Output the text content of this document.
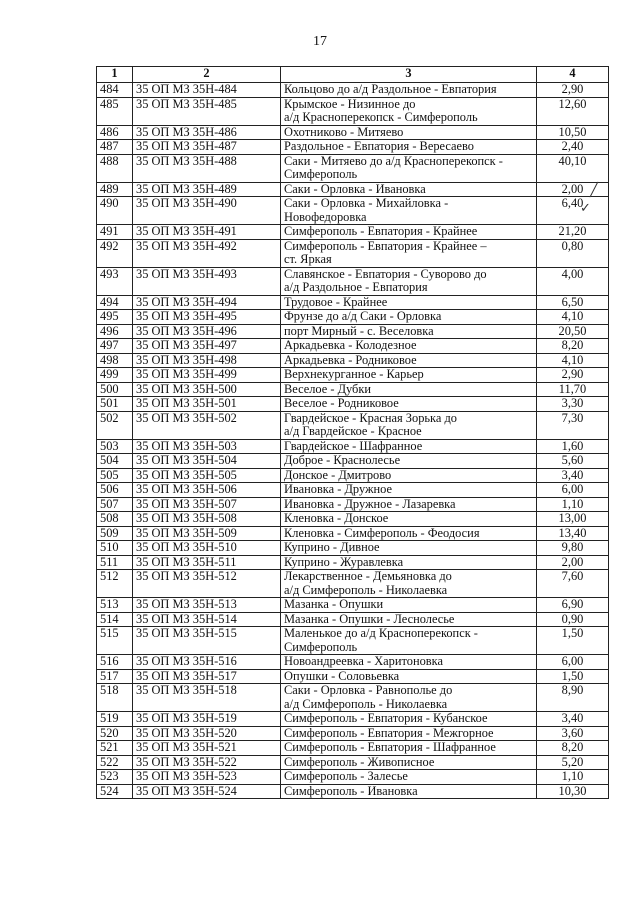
17
1	2	3	4
484	35 ОП МЗ 35Н-484	Кольцово до а/д Раздольное - Евпатория	2,90
485	35 ОП МЗ 35Н-485	Крымское - Низинное до
а/д Красноперекопск - Симферополь	12,60
486	35 ОП МЗ 35Н-486	Охотниково - Митяево	10,50
487	35 ОП МЗ 35Н-487	Раздольное - Евпатория - Вересаево	2,40
488	35 ОП МЗ 35Н-488	Саки - Митяево до а/д Красноперекопск -
Симферополь	40,10
489	35 ОП МЗ 35Н-489	Саки - Орловка - Ивановка	2,00
490	35 ОП МЗ 35Н-490	Саки - Орловка - Михайловка -
Новофедоровка	6,40
491	35 ОП МЗ 35Н-491	Симферополь - Евпатория - Крайнее	21,20
492	35 ОП МЗ 35Н-492	Симферополь - Евпатория - Крайнее –
ст. Яркая	0,80
493	35 ОП МЗ 35Н-493	Славянское - Евпатория - Суворово до
а/д Раздольное - Евпатория	4,00
494	35 ОП МЗ 35Н-494	Трудовое - Крайнее	6,50
495	35 ОП МЗ 35Н-495	Фрунзе до а/д Саки - Орловка	4,10
496	35 ОП МЗ 35Н-496	порт Мирный - с. Веселовка	20,50
497	35 ОП МЗ 35Н-497	Аркадьевка - Колодезное	8,20
498	35 ОП МЗ 35Н-498	Аркадьевка - Родниковое	4,10
499	35 ОП МЗ 35Н-499	Верхнекурганное - Карьер	2,90
500	35 ОП МЗ 35Н-500	Веселое - Дубки	11,70
501	35 ОП МЗ 35Н-501	Веселое - Родниковое	3,30
502	35 ОП МЗ 35Н-502	Гвардейское - Красная Зорька до
а/д Гвардейское - Красное	7,30
503	35 ОП МЗ 35Н-503	Гвардейское - Шафранное	1,60
504	35 ОП МЗ 35Н-504	Доброе - Краснолесье	5,60
505	35 ОП МЗ 35Н-505	Донское - Дмитрово	3,40
506	35 ОП МЗ 35Н-506	Ивановка - Дружное	6,00
507	35 ОП МЗ 35Н-507	Ивановка - Дружное - Лазаревка	1,10
508	35 ОП МЗ 35Н-508	Кленовка - Донское	13,00
509	35 ОП МЗ 35Н-509	Кленовка - Симферополь - Феодосия	13,40
510	35 ОП МЗ 35Н-510	Куприно - Дивное	9,80
511	35 ОП МЗ 35Н-511	Куприно - Журавлевка	2,00
512	35 ОП МЗ 35Н-512	Лекарственное - Демьяновка до
а/д Симферополь - Николаевка	7,60
513	35 ОП МЗ 35Н-513	Мазанка - Опушки	6,90
514	35 ОП МЗ 35Н-514	Мазанка - Опушки - Леснолесье	0,90
515	35 ОП МЗ 35Н-515	Маленькое до а/д Красноперекопск -
Симферополь	1,50
516	35 ОП МЗ 35Н-516	Новоандреевка - Харитоновка	6,00
517	35 ОП МЗ 35Н-517	Опушки - Соловьевка	1,50
518	35 ОП МЗ 35Н-518	Саки - Орловка - Равнополье до
а/д Симферополь - Николаевка	8,90
519	35 ОП МЗ 35Н-519	Симферополь - Евпатория - Кубанское	3,40
520	35 ОП МЗ 35Н-520	Симферополь - Евпатория - Межгорное	3,60
521	35 ОП МЗ 35Н-521	Симферополь - Евпатория - Шафранное	8,20
522	35 ОП МЗ 35Н-522	Симферополь - Живописное	5,20
523	35 ОП МЗ 35Н-523	Симферополь - Залесье	1,10
524	35 ОП МЗ 35Н-524	Симферополь - Ивановка	10,30
╱
✓
